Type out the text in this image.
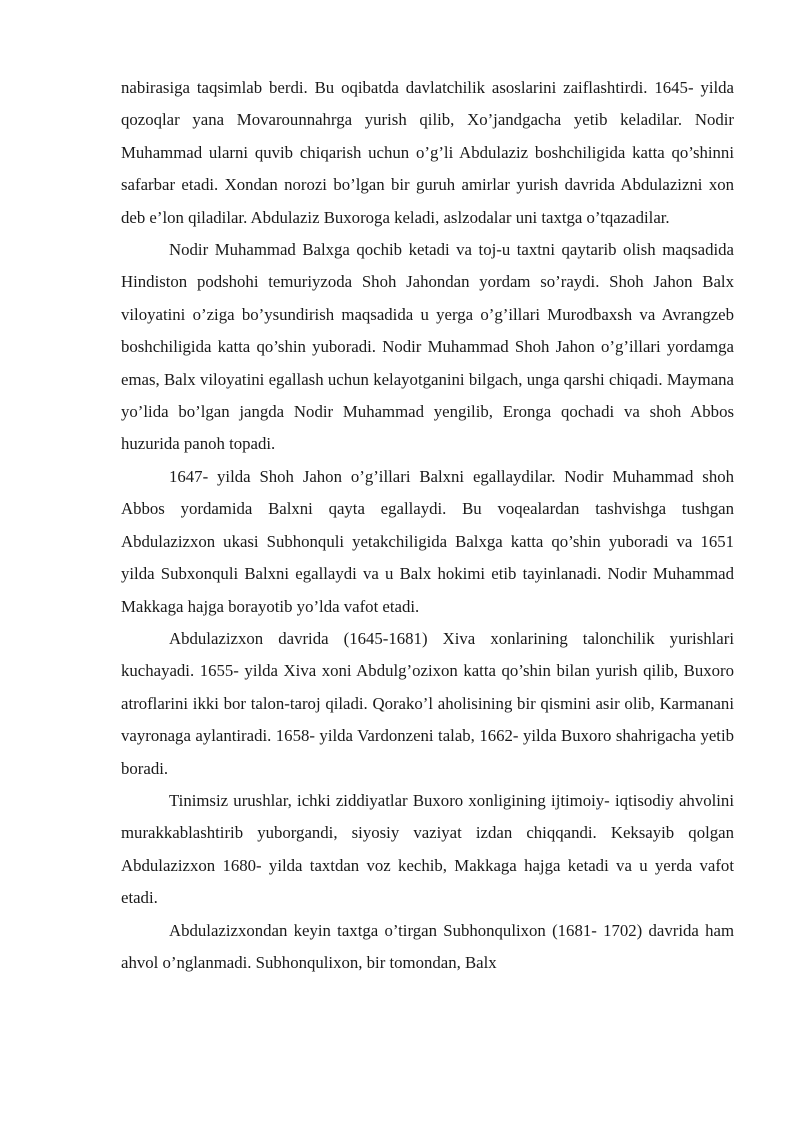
nabirasiga taqsimlab berdi. Bu oqibatda davlatchilik asoslarini zaiflashtirdi. 1645- yilda qozoqlar yana Movarounnahrga yurish qilib, Xo’jandgacha yetib keladilar. Nodir Muhammad ularni quvib chiqarish uchun o’g’li Abdulaziz boshchiligida katta qo’shinni safarbar etadi. Xondan norozi bo’lgan bir guruh amirlar yurish davrida Abdulazizni xon deb e’lon qiladilar. Abdulaziz Buxoroga keladi, aslzodalar uni taxtga o’tqazadilar.

Nodir Muhammad Balxga qochib ketadi va toj-u taxtni qaytarib olish maqsadida Hindiston podshohi temuriyzoda Shoh Jahondan yordam so’raydi. Shoh Jahon Balx viloyatini o’ziga bo’ysundirish maqsadida u yerga o’g’illari Murodbaxsh va Avrangzeb boshchiligida katta qo’shin yuboradi. Nodir Muhammad Shoh Jahon o’g’illari yordamga emas, Balx viloyatini egallash uchun kelayotganini bilgach, unga qarshi chiqadi. Maymana yo’lida bo’lgan jangda Nodir Muhammad yengilib, Eronga qochadi va shoh Abbos huzurida panoh topadi.

1647- yilda Shoh Jahon o’g’illari Balxni egallaydilar. Nodir Muhammad shoh Abbos yordamida Balxni qayta egallaydi. Bu voqealardan tashvishga tushgan Abdulazizxon ukasi Subhonquli yetakchiligida Balxga katta qo’shin yuboradi va 1651 yilda Subxonquli Balxni egallaydi va u Balx hokimi etib tayinlanadi. Nodir Muhammad Makkaga hajga borayotib yo’lda vafot etadi.

Abdulazizxon davrida (1645-1681) Xiva xonlarining talonchilik yurishlari kuchayadi. 1655- yilda Xiva xoni Abdulg’ozixon katta qo’shin bilan yurish qilib, Buxoro atroflarini ikki bor talon-taroj qiladi. Qorako’l aholisining bir qismini asir olib, Karmanani vayronaga aylantiradi. 1658- yilda Vardonzeni talab, 1662- yilda Buxoro shahrigacha yetib boradi.

Tinimsiz urushlar, ichki ziddiyatlar Buxoro xonligining ijtimoiy- iqtisodiy ahvolini murakkablashtirib yuborgandi, siyosiy vaziyat izdan chiqqandi. Keksayib qolgan Abdulazizxon 1680- yilda taxtdan voz kechib, Makkaga hajga ketadi va u yerda vafot etadi.

Abdulazizxondan keyin taxtga o’tirgan Subhonqulixon (1681- 1702) davrida ham ahvol o’nglanmadi. Subhonqulixon, bir tomondan, Balx
